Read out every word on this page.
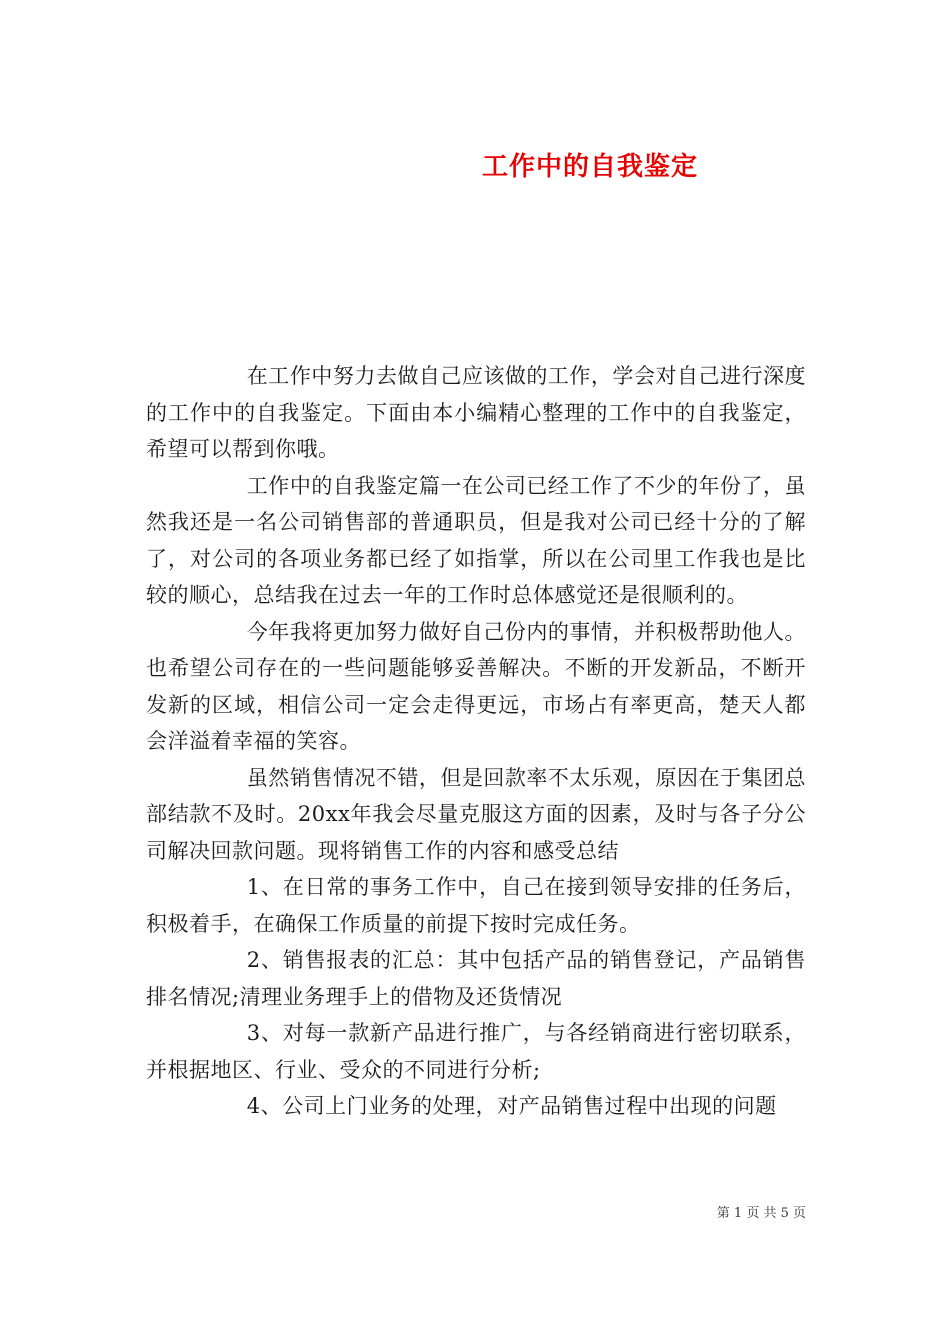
工作中的自我鉴定

在工作中努力去做自己应该做的工作，学会对自己进行深度的工作中的自我鉴定。下面由本小编精心整理的工作中的自我鉴定，希望可以帮到你哦。

工作中的自我鉴定篇一在公司已经工作了不少的年份了，虽然我还是一名公司销售部的普通职员，但是我对公司已经十分的了解了，对公司的各项业务都已经了如指掌，所以在公司里工作我也是比较的顺心，总结我在过去一年的工作时总体感觉还是很顺利的。

今年我将更加努力做好自己份内的事情，并积极帮助他人。也希望公司存在的一些问题能够妥善解决。不断的开发新品，不断开发新的区域，相信公司一定会走得更远，市场占有率更高，楚天人都会洋溢着幸福的笑容。

虽然销售情况不错，但是回款率不太乐观，原因在于集团总部结款不及时。20xx年我会尽量克服这方面的因素，及时与各子分公司解决回款问题。现将销售工作的内容和感受总结

1、在日常的事务工作中，自己在接到领导安排的任务后，积极着手，在确保工作质量的前提下按时完成任务。

2、销售报表的汇总：其中包括产品的销售登记，产品销售排名情况;清理业务理手上的借物及还货情况

3、对每一款新产品进行推广，与各经销商进行密切联系，并根据地区、行业、受众的不同进行分析;

4、公司上门业务的处理，对产品销售过程中出现的问题

第 1 页 共 5 页
